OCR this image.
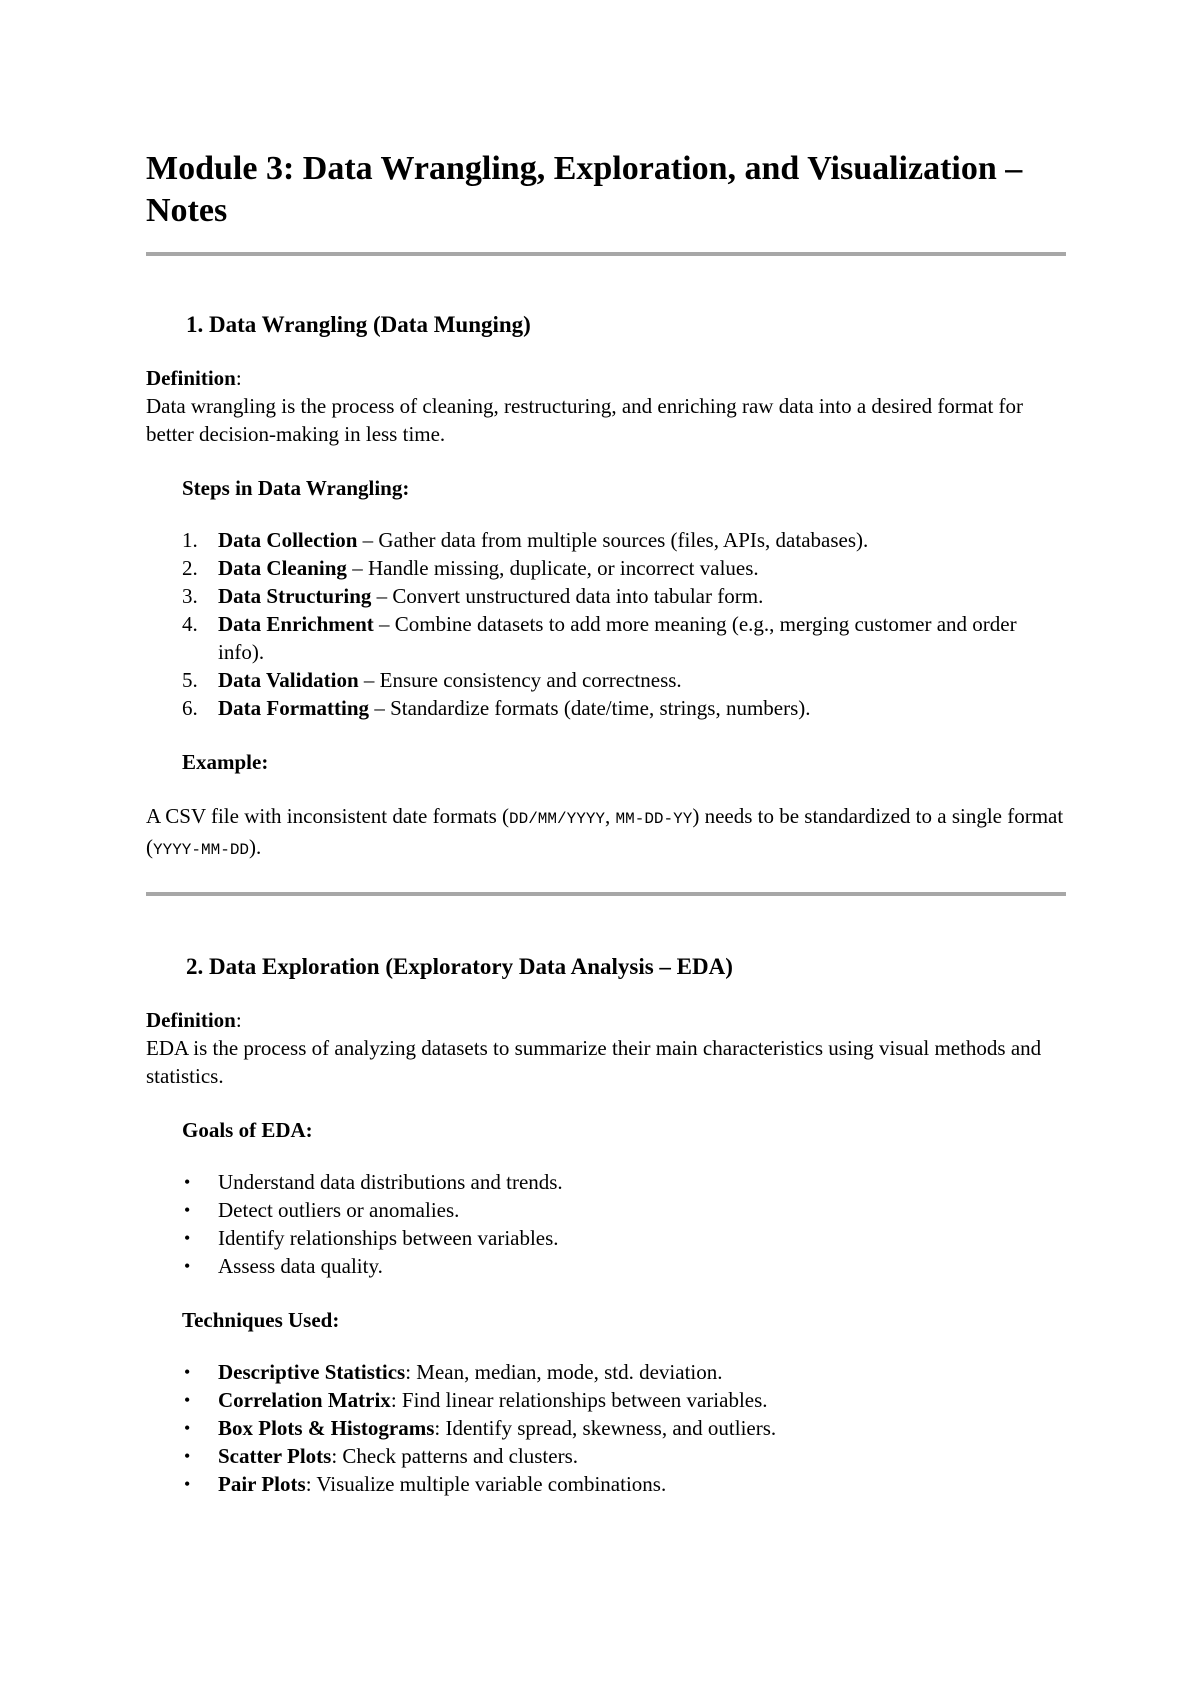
Module 3: Data Wrangling, Exploration, and Visualization – Notes
1. Data Wrangling (Data Munging)

Definition:

Data wrangling is the process of cleaning, restructuring, and enriching raw data into a desired format for better decision-making in less time.

Steps in Data Wrangling:
1. Data Collection – Gather data from multiple sources (files, APIs, databases).
2. Data Cleaning – Handle missing, duplicate, or incorrect values.
3. Data Structuring – Convert unstructured data into tabular form.
4. Data Enrichment – Combine datasets to add more meaning (e.g., merging customer and order info).
5. Data Validation – Ensure consistency and correctness.
6. Data Formatting – Standardize formats (date/time, strings, numbers).
Example:

A CSV file with inconsistent date formats (DD/MM/YYYY, MM-DD-YY) needs to be standardized to a single format (YYYY-MM-DD).

2. Data Exploration (Exploratory Data Analysis – EDA)

Definition:

EDA is the process of analyzing datasets to summarize their main characteristics using visual methods and statistics.

Goals of EDA:
• Understand data distributions and trends.
• Detect outliers or anomalies.
• Identify relationships between variables.
• Assess data quality.
Techniques Used:
• Descriptive Statistics: Mean, median, mode, std. deviation.
• Correlation Matrix: Find linear relationships between variables.
• Box Plots & Histograms: Identify spread, skewness, and outliers.
• Scatter Plots: Check patterns and clusters.
• Pair Plots: Visualize multiple variable combinations.
